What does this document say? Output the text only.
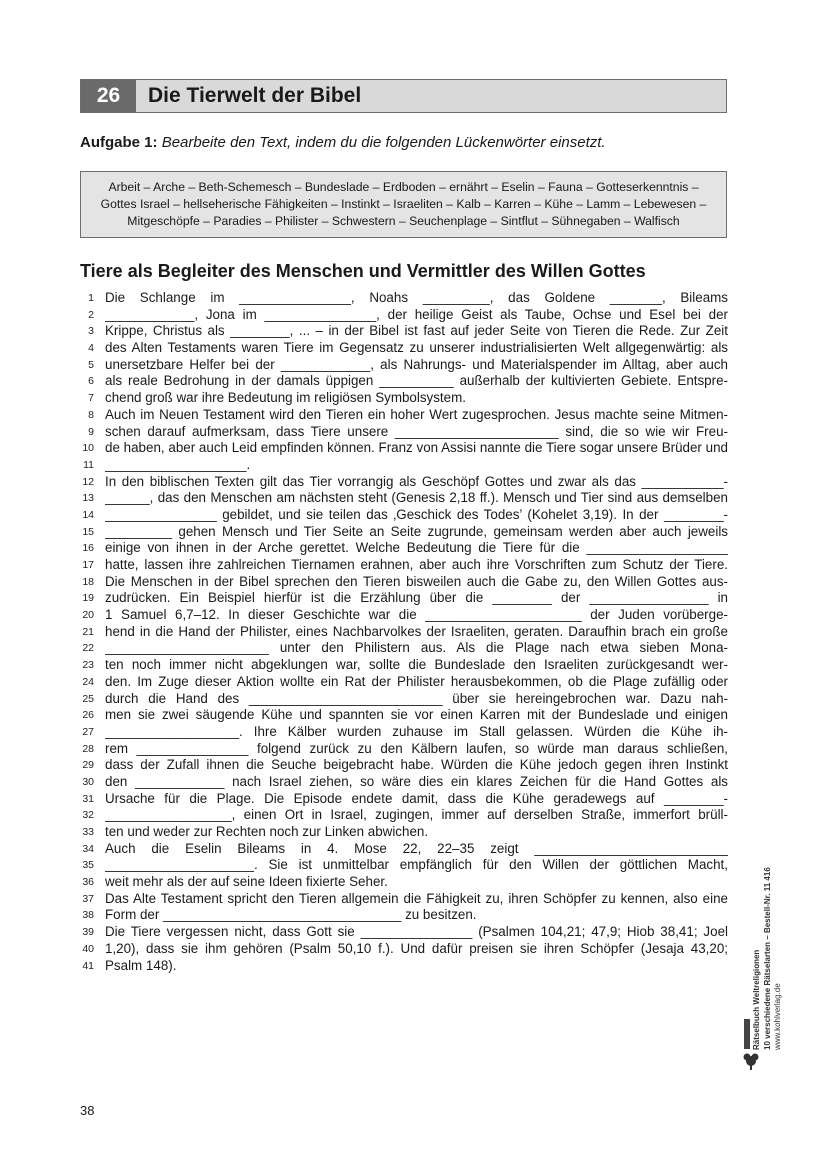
26	Die Tierwelt der Bibel
Aufgabe 1: Bearbeite den Text, indem du die folgenden Lückenwörter einsetzt.
Arbeit – Arche – Beth-Schemesch – Bundeslade – Erdboden – ernährt – Eselin – Fauna – Gotteserkenntnis –
Gottes Israel – hellseherische Fähigkeiten – Instinkt – Israeliten – Kalb – Karren – Kühe – Lamm – Lebewesen –
Mitgeschöpfe – Paradies – Philister – Schwestern – Seuchenplage – Sintflut – Sühnegaben – Walfisch
Tiere als Begleiter des Menschen und Vermittler des Willen Gottes
1 Die Schlange im _______________, Noahs _________, das Goldene _______, Bileams
2 ____________, Jona im _______________, der heilige Geist als Taube, Ochse und Esel bei der
3 Krippe, Christus als ________, ... – in der Bibel ist fast auf jeder Seite von Tieren die Rede. Zur Zeit
4 des Alten Testaments waren Tiere im Gegensatz zu unserer industrialisierten Welt allgegenwärtig: als
5 unersetzbare Helfer bei der ____________, als Nahrungs- und Materialspender im Alltag, aber auch
6 als reale Bedrohung in der damals üppigen __________ außerhalb der kultivierten Gebiete. Entspre-
7 chend groß war ihre Bedeutung im religiösen Symbolsystem.
8 Auch im Neuen Testament wird den Tieren ein hoher Wert zugesprochen. Jesus machte seine Mitmen-
9 schen darauf aufmerksam, dass Tiere unsere ______________________ sind, die so wie wir Freu-
10 de haben, aber auch Leid empfinden können. Franz von Assisi nannte die Tiere sogar unsere Brüder und
11 ___________________.
12 In den biblischen Texten gilt das Tier vorrangig als Geschöpf Gottes und zwar als das ___________-
13 ______, das den Menschen am nächsten steht (Genesis 2,18 ff.). Mensch und Tier sind aus demselben
14 _______________ gebildet, und sie teilen das ‚Geschick des Todes’ (Kohelet 3,19). In der ________-
15 _________ gehen Mensch und Tier Seite an Seite zugrunde, gemeinsam werden aber auch jeweils
16 einige von ihnen in der Arche gerettet. Welche Bedeutung die Tiere für die ___________________
17 hatte, lassen ihre zahlreichen Tiernamen erahnen, aber auch ihre Vorschriften zum Schutz der Tiere.
18 Die Menschen in der Bibel sprechen den Tieren bisweilen auch die Gabe zu, den Willen Gottes aus-
19 zudrücken. Ein Beispiel hierfür ist die Erzählung über die ________ der ________________ in
20 1 Samuel 6,7–12. In dieser Geschichte war die _____________________ der Juden vorüberge-
21 hend in die Hand der Philister, eines Nachbarvolkes der Israeliten, geraten. Daraufhin brach ein große
22 ______________________ unter den Philistern aus. Als die Plage nach etwa sieben Mona-
23 ten noch immer nicht abgeklungen war, sollte die Bundeslade den Israeliten zurückgesandt wer-
24 den. Im Zuge dieser Aktion wollte ein Rat der Philister herausbekommen, ob die Plage zufällig oder
25 durch die Hand des __________________________ über sie hereingebrochen war. Dazu nah-
26 men sie zwei säugende Kühe und spannten sie vor einen Karren mit der Bundeslade und einigen
27 __________________. Ihre Kälber wurden zuhause im Stall gelassen. Würden die Kühe ih-
28 rem _______________ folgend zurück zu den Kälbern laufen, so würde man daraus schließen,
29 dass der Zufall ihnen die Seuche beigebracht habe. Würden die Kühe jedoch gegen ihren Instinkt
30 den ____________ nach Israel ziehen, so wäre dies ein klares Zeichen für die Hand Gottes als
31 Ursache für die Plage. Die Episode endete damit, dass die Kühe geradewegs auf ________-
32 _________________, einen Ort in Israel, zugingen, immer auf derselben Straße, immerfort brüll-
33 ten und weder zur Rechten noch zur Linken abwichen.
34 Auch die Eselin Bileams in 4. Mose 22, 22–35 zeigt __________________________
35 ____________________. Sie ist unmittelbar empfänglich für den Willen der göttlichen Macht,
36 weit mehr als der auf seine Ideen fixierte Seher.
37 Das Alte Testament spricht den Tieren allgemein die Fähigkeit zu, ihren Schöpfer zu kennen, also eine
38 Form der ________________________________ zu besitzen.
39 Die Tiere vergessen nicht, dass Gott sie _______________ (Psalmen 104,21; 47,9; Hiob 38,41; Joel
40 1,20), dass sie ihm gehören (Psalm 50,10 f.). Und dafür preisen sie ihren Schöpfer (Jesaja 43,20;
41 Psalm 148).	Rätselbuch Weltreligionen 10 verschiedene Rätselarten – Bestell-Nr. 11 416 www.kohlverlag.de
38
